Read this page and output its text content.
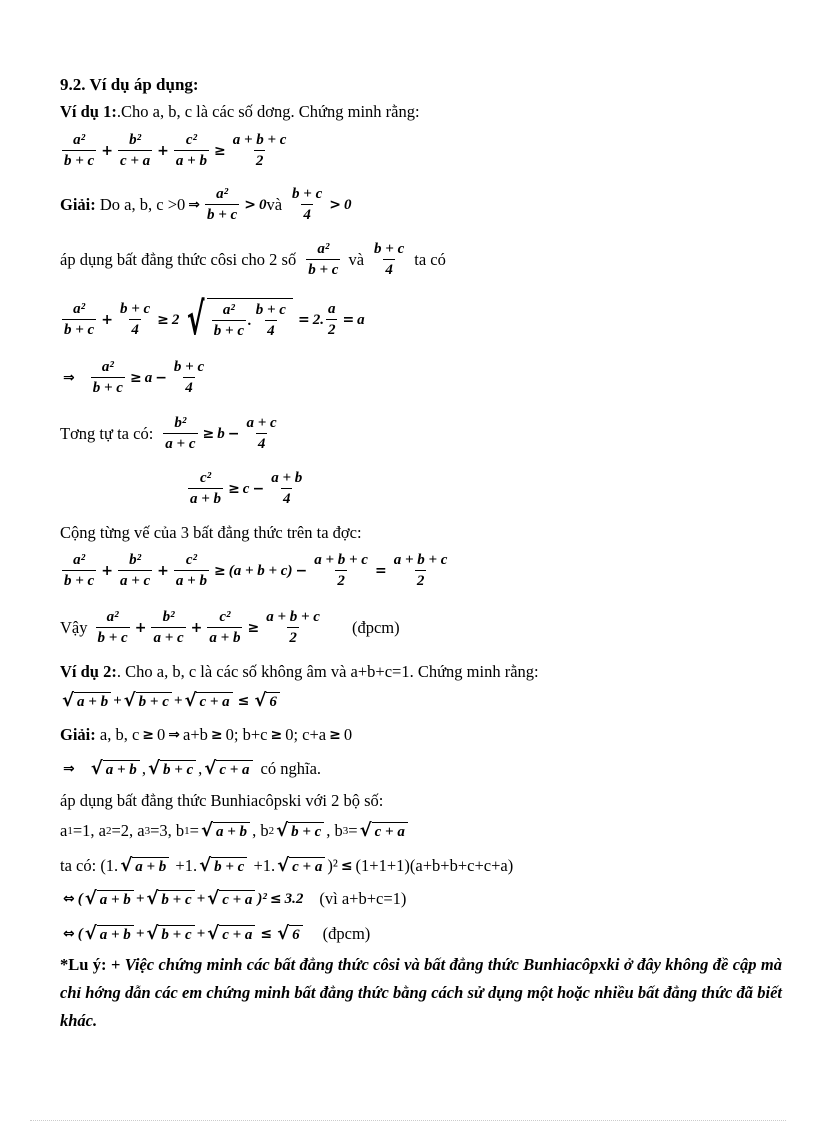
9.2. Ví dụ áp dụng:
Ví dụ 1: .Cho a, b, c là các số dơng. Chứng minh rằng:
$\frac{\text{a²}}{b + c} + \frac{\text{b²}}{c + a} + \frac{\text{c²}}{a + b} \ge \frac{a + b + c}{2}$
Giải:
Do a, b, c >0 ⇒ $\frac{\text{a²}}{b + c} > 0$ và $\frac{b + c}{4} > 0$
áp dụng bất đẳng thức côsi cho 2 số $\frac{\text{a²}}{b + c}$ và $\frac{b + c}{4}$ ta có
$\frac{\text{a²}}{b + c} + \frac{b + c}{4} \ge 2$ √ $\frac{\text{a²}}{b + c}$ . $\frac{b + c}{4} = 2$. $\frac{a}{2} = a$
⇒ $\frac{\text{a²}}{b + c} \ge a - \frac{b + c}{4}$
Tơng tự ta có: $\frac{\text{b²}}{a + c} \ge b - \frac{a + c}{4}$
$\frac{\text{c²}}{a + b} \ge c - \frac{a + b}{4}$
Cộng từng vế của 3 bất đẳng thức trên ta đợc:
$\frac{\text{a²}}{b + c} + \frac{\text{b²}}{a + c} + \frac{\text{c²}}{a + b} \ge (a + b + c) - \frac{a + b + c}{2} = \frac{a + b + c}{2}$
Vậy $\frac{\text{a²}}{b + c} + \frac{\text{b²}}{a + c} + \frac{\text{c²}}{a + b} \ge \frac{a + b + c}{2}$ (đpcm)
Ví dụ 2: . Cho a, b, c là các số không âm và a+b+c=1. Chứng minh rằng:
√ a + b + √ b + c + √ c + a ≤ √ 6
Giải:
a, b, c ≥ 0 ⇒ a+b ≥ 0; b+c ≥ 0; c+a ≥ 0
⇒ √ a + b , √ b + c , √ c + a có nghĩa.
áp dụng bất đẳng thức Bunhiacôpski với 2 bộ số:
a 1 =1, a 2 =2, a 3 =3, b 1 = √ a + b , b 2 √ b + c , b 3 = √ c + a
ta có: (1. √ a + b +1. √ b + c +1. √ c + a )² ≤ (1+1+1)(a+b+b+c+c+a)
⇔ ( √ a + b + √ b + c + √ c + a )² ≤ 3.2 (vì a+b+c=1)
⇔ ( √ a + b + √ b + c + √ c + a ≤ √ 6 (đpcm)
*Lu ý: + Việc chứng minh các bất đẳng thức côsi và bất đẳng thức Bunhiacôpxki ở đây không đề cập mà chỉ hớng dẫn các em chứng minh bất đẳng thức bằng cách sử dụng một hoặc nhiều bất đẳng thức đã biết khác.
